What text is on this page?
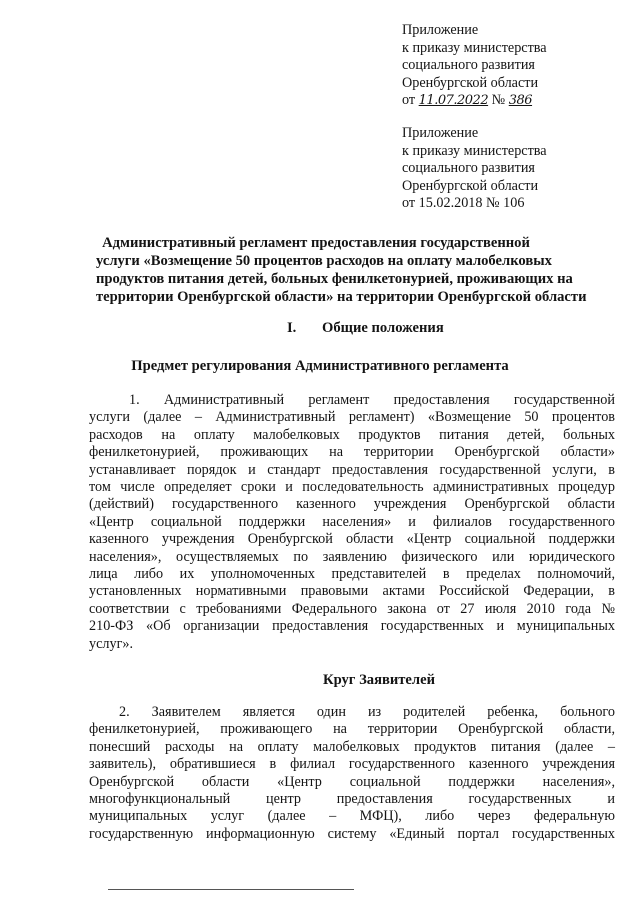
Приложение
к приказу министерства
социального развития
Оренбургской области
от 11.07.2022 № 386
Приложение
к приказу министерства
социального развития
Оренбургской области
от 15.02.2018 № 106
Административный регламент предоставления государственной
услуги «Возмещение 50 процентов расходов на оплату малобелковых
продуктов питания детей, больных фенилкетонурией, проживающих на
территории Оренбургской области» на территории Оренбургской области
I. Общие положения
Предмет регулирования Административного регламента
1. Административный регламент предоставления государственной
услуги (далее – Административный регламент) «Возмещение 50 процентов
расходов на оплату малобелковых продуктов питания детей, больных
фенилкетонурией, проживающих на территории Оренбургской области»
устанавливает порядок и стандарт предоставления государственной услуги, в
том числе определяет сроки и последовательность административных процедур
(действий) государственного казенного учреждения Оренбургской области
«Центр социальной поддержки населения» и филиалов государственного
казенного учреждения Оренбургской области «Центр социальной поддержки
населения», осуществляемых по заявлению физического или юридического
лица либо их уполномоченных представителей в пределах полномочий,
установленных нормативными правовыми актами Российской Федерации, в
соответствии с требованиями Федерального закона от 27 июля 2010 года №
210-ФЗ «Об организации предоставления государственных и муниципальных
услуг».
Круг Заявителей
2. Заявителем является один из родителей ребенка, больного
фенилкетонурией, проживающего на территории Оренбургской области,
понесший расходы на оплату малобелковых продуктов питания (далее –
заявитель), обратившиеся в филиал государственного казенного учреждения
Оренбургской области «Центр социальной поддержки населения»,
многофункциональный центр предоставления государственных и
муниципальных услуг (далее – МФЦ), либо через федеральную
государственную информационную систему «Единый портал государственных
